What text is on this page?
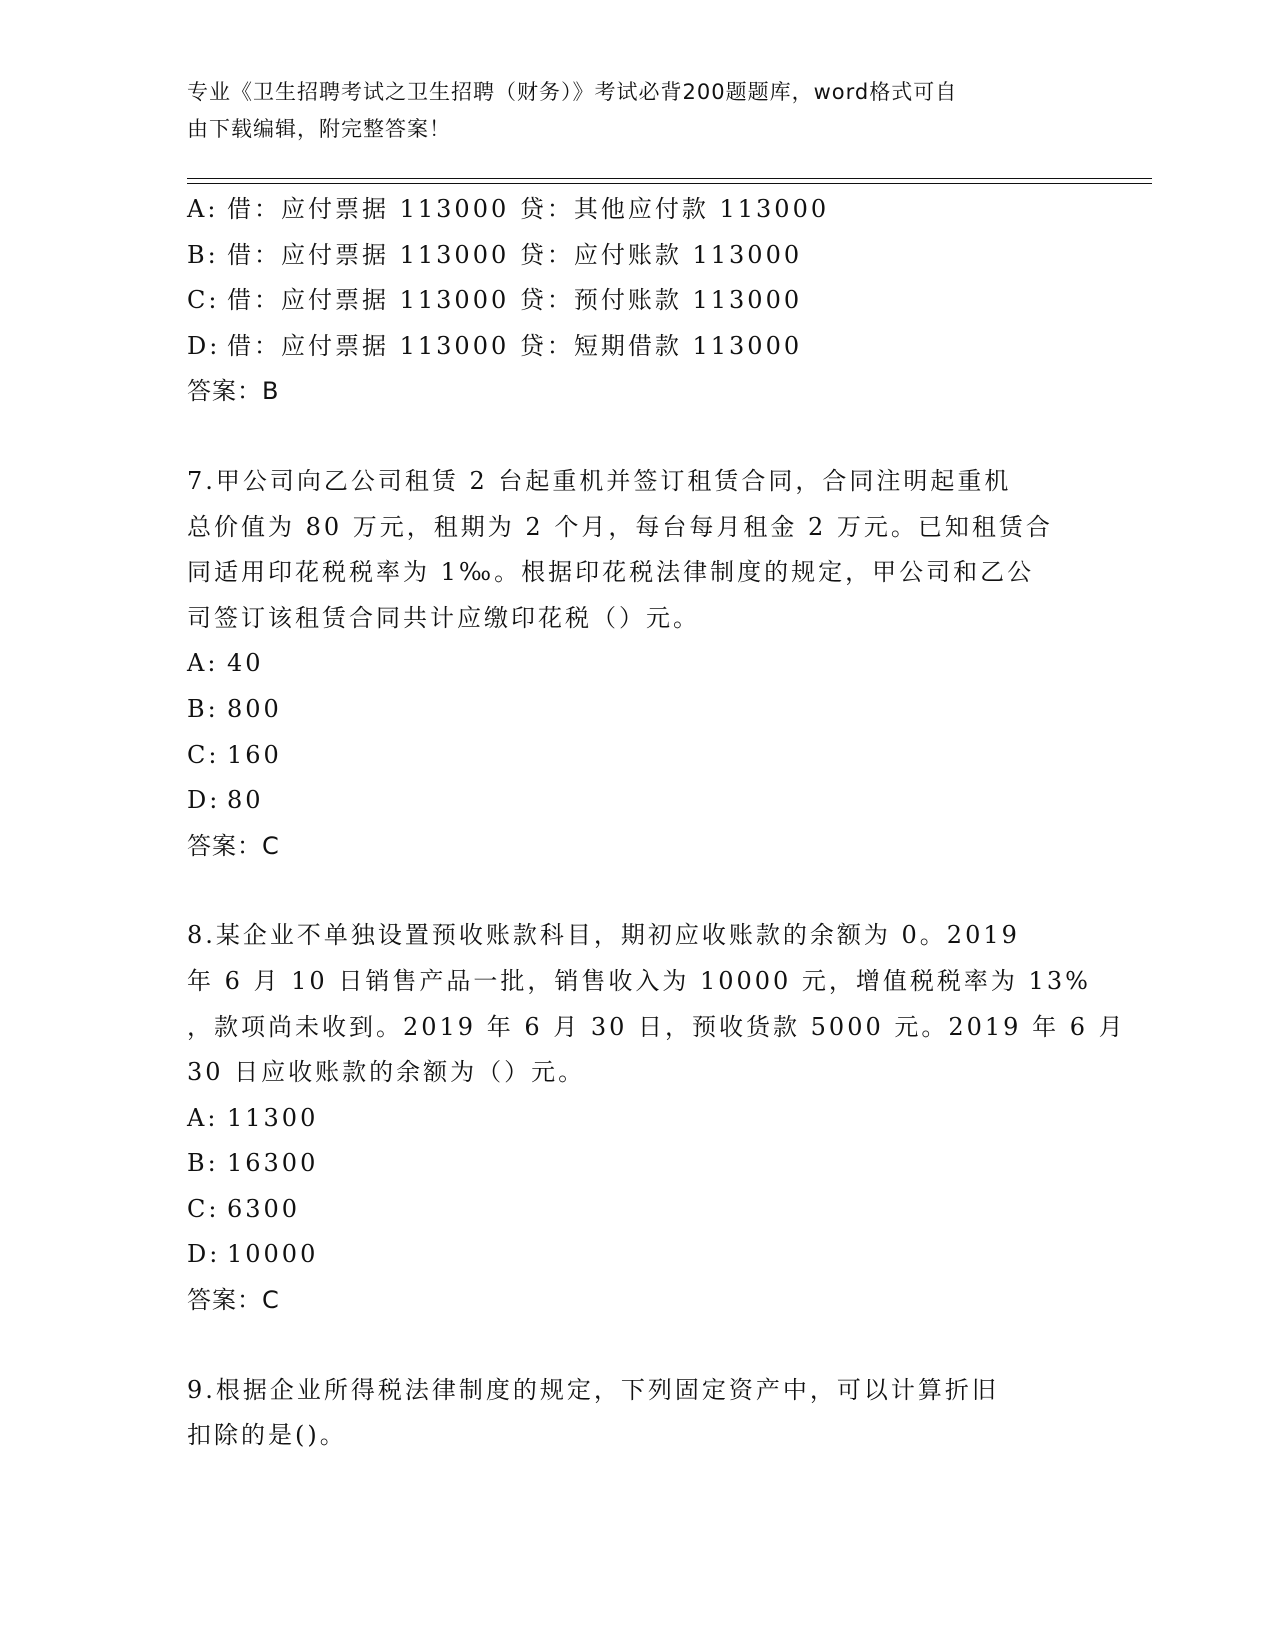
专业《卫生招聘考试之卫生招聘（财务）》考试必背200题题库，word格式可自
由下载编辑，附完整答案！
A: 借：应付票据 113000 贷：其他应付款 113000
B: 借：应付票据 113000 贷：应付账款 113000
C: 借：应付票据 113000 贷：预付账款 113000
D: 借：应付票据 113000 贷：短期借款 113000
答案：B
7.甲公司向乙公司租赁 2 台起重机并签订租赁合同，合同注明起重机
总价值为 80 万元，租期为 2 个月，每台每月租金 2 万元。已知租赁合
同适用印花税税率为 1‰。根据印花税法律制度的规定，甲公司和乙公
司签订该租赁合同共计应缴印花税（）元。
A: 40
B: 800
C: 160
D: 80
答案：C
8.某企业不单独设置预收账款科目，期初应收账款的余额为 0。2019
年 6 月 10 日销售产品一批，销售收入为 10000 元，增值税税率为 13%
，款项尚未收到。2019 年 6 月 30 日，预收货款 5000 元。2019 年 6 月
30 日应收账款的余额为（）元。
A: 11300
B: 16300
C: 6300
D: 10000
答案：C
9.根据企业所得税法律制度的规定，下列固定资产中，可以计算折旧
扣除的是()。
